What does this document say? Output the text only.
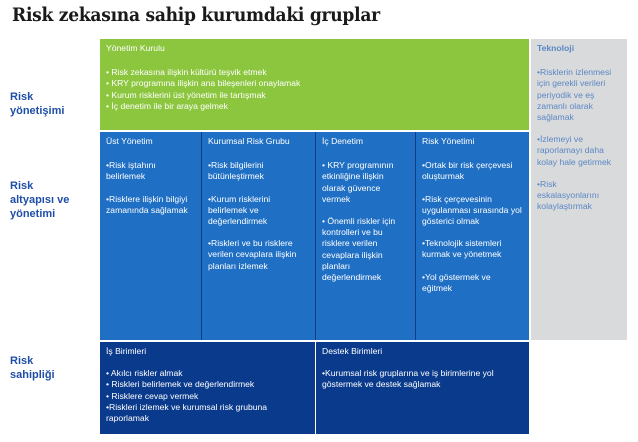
Risk zekasına sahip kurumdaki gruplar
Risk
yönetişimi
Risk
altyapısı ve
yönetimi
Risk
sahipliği
Yönetim Kurulu
• Risk zekasına ilişkin kültürü teşvik etmek
• KRY programına ilişkin ana bileşenleri onaylamak
• Kurum risklerini üst yönetim ile tartışmak
• İç denetim ile bir araya gelmek
Teknoloji
•Risklerin izlenmesi için gerekli verileri periyodik ve eş zamanlı olarak sağlamak
•İzlemeyi ve raporlamayı daha kolay hale getirmek
•Risk eskalasyonlarını kolaylaştırmak
Üst Yönetim
•Risk iştahını belirlemek
•Risklere ilişkin bilgiyi zamanında sağlamak
Kurumsal Risk Grubu
•Risk bilgilerini bütünleştirmek
•Kurum risklerini belirlemek ve değerlendirmek
•Riskleri ve bu risklere verilen cevaplara ilişkin planları izlemek
İç Denetim
• KRY programının etkinliğine ilişkin olarak güvence vermek
• Önemli riskler için kontrolleri ve bu risklere verilen cevaplara ilişkin planları değerlendirmek
Risk Yönetimi
•Ortak bir risk çerçevesi oluşturmak
•Risk çerçevesinin uygulanması sırasında yol gösterici olmak
•Teknolojik sistemleri kurmak ve yönetmek
•Yol göstermek ve eğitmek
İş Birimleri
• Akılcı riskler almak
• Riskleri belirlemek ve değerlendirmek
• Risklere cevap vermek
•Riskleri izlemek ve kurumsal risk grubuna raporlamak
Destek Birimleri
•Kurumsal risk gruplarına ve iş birimlerine yol göstermek ve destek sağlamak
